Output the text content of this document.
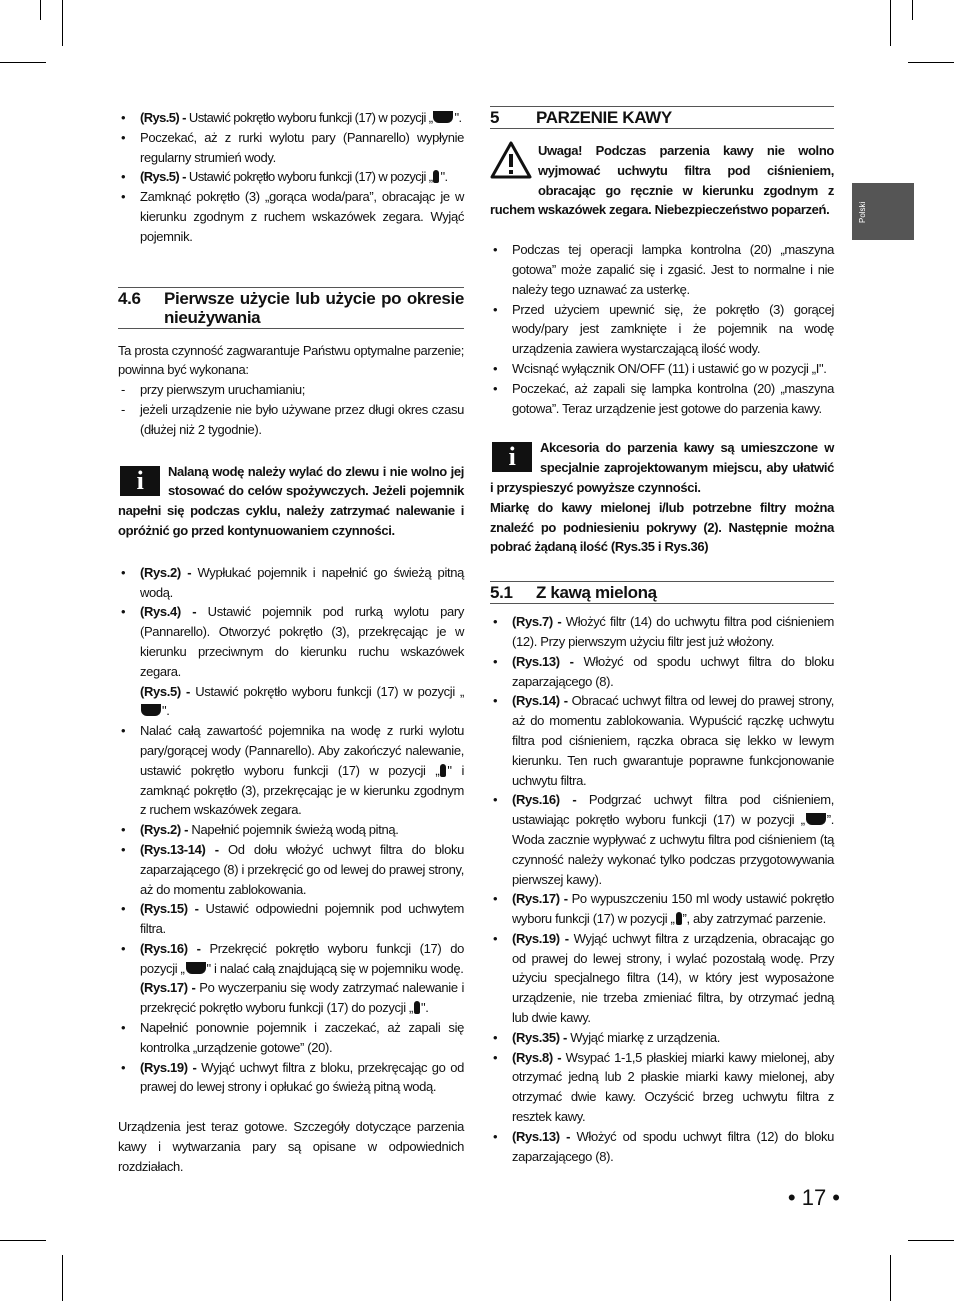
Polski
• (Rys.5) - Ustawić pokrętło wyboru funkcji (17) w pozycji „ ".
• Poczekać, aż z rurki wylotu pary (Pannarello) wypłynie regularny strumień wody.
• (Rys.5) - Ustawić pokrętło wyboru funkcji (17) w pozycji „ ".
• Zamknąć pokrętło (3) „gorąca woda/para”, obracając je w kierunku zgodnym z ruchem wskazówek zegara. Wyjąć pojemnik.
4.6	Pierwsze użycie lub użycie po okresie nieużywania
Ta prosta czynność zagwarantuje Państwu optymalne parzenie; powinna być wykonana:
- przy pierwszym uruchamianiu;
- jeżeli urządzenie nie było używane przez długi okres czasu (dłużej niż 2 tygodnie).
i	Nalaną wodę należy wylać do zlewu i nie wolno jej stosować do celów spożywczych. Jeżeli pojemnik napełni się podczas cyklu, należy zatrzymać nalewanie i opróżnić go przed kontynuowaniem czynności.
• (Rys.2) - Wypłukać pojemnik i napełnić go świeżą pitną wodą.
• (Rys.4) - Ustawić pojemnik pod rurką wylotu pary (Pannarello). Otworzyć pokrętło (3), przekręcając je w kierunku przeciwnym do kierunku ruchu wskazówek zegara.
(Rys.5) - Ustawić pokrętło wyboru funkcji (17) w pozycji „".
• Nalać całą zawartość pojemnika na wodę z rurki wylotu pary/gorącej wody (Pannarello). Aby zakończyć nalewanie, ustawić pokrętło wyboru funkcji (17) w pozycji „ " i zamknąć pokrętło (3), przekręcając je w kierunku zgodnym z ruchem wskazówek zegara.
• (Rys.2) - Napełnić pojemnik świeżą wodą pitną.
• (Rys.13-14) - Od dołu włożyć uchwyt filtra do bloku zaparzającego (8) i przekręcić go od lewej do prawej strony, aż do momentu zablokowania.
• (Rys.15) - Ustawić odpowiedni pojemnik pod uchwytem filtra.
• (Rys.16) - Przekręcić pokrętło wyboru funkcji (17) do pozycji „ " i nalać całą znajdującą się w pojemniku wodę.
(Rys.17) - Po wyczerpaniu się wody zatrzymać nalewanie i przekręcić pokrętło wyboru funkcji (17) do pozycji „ ".
• Napełnić ponownie pojemnik i zaczekać, aż zapali się kontrolka „urządzenie gotowe” (20).
• (Rys.19) - Wyjąć uchwyt filtra z bloku, przekręcając go od prawej do lewej strony i opłukać go świeżą pitną wodą.
Urządzenia jest teraz gotowe. Szczegóły dotyczące parzenia kawy i wytwarzania pary są opisane w odpowiednich rozdziałach.
5	PARZENIE KAWY
Uwaga! Podczas parzenia kawy nie wolno wyjmować uchwytu filtra pod ciśnieniem, obracając go ręcznie w kierunku zgodnym z ruchem wskazówek zegara. Niebezpieczeństwo poparzeń.
• Podczas tej operacji lampka kontrolna (20) „maszyna gotowa” może zapalić się i zgasić. Jest to normalne i nie należy tego uznawać za usterkę.
• Przed użyciem upewnić się, że pokrętło (3) gorącej wody/pary jest zamknięte i że pojemnik na wodę urządzenia zawiera wystarczającą ilość wody.
• Wcisnąć wyłącznik ON/OFF (11) i ustawić go w pozycji „I".
• Poczekać, aż zapali się lampka kontrolna (20) „maszyna gotowa”. Teraz urządzenie jest gotowe do parzenia kawy.
i	Akcesoria do parzenia kawy są umieszczone w specjalnie zaprojektowanym miejscu, aby ułatwić i przyspieszyć powyższe czynności.
Miarkę do kawy mielonej i/lub potrzebne filtry można znaleźć po podniesieniu pokrywy (2). Następnie można pobrać żądaną ilość (Rys.35 i Rys.36)
5.1	Z kawą mieloną
• (Rys.7) - Włożyć filtr (14) do uchwytu filtra pod ciśnieniem (12). Przy pierwszym użyciu filtr jest już włożony.
• (Rys.13) - Włożyć od spodu uchwyt filtra do bloku zaparzającego (8).
• (Rys.14) - Obracać uchwyt filtra od lewej do prawej strony, aż do momentu zablokowania. Wypuścić rączkę uchwytu filtra pod ciśnieniem, rączka obraca się lekko w lewym kierunku. Ten ruch gwarantuje poprawne funkcjonowanie uchwytu filtra.
• (Rys.16) - Podgrzać uchwyt filtra pod ciśnieniem, ustawiając pokrętło wyboru funkcji (17) w pozycji „ ”. Woda zacznie wypływać z uchwytu filtra pod ciśnieniem (tą czynność należy wykonać tylko podczas przygotowywania pierwszej kawy).
• (Rys.17) - Po wypuszczeniu 150 ml wody ustawić pokrętło wyboru funkcji (17) w pozycji „ ”, aby zatrzymać parzenie.
• (Rys.19) - Wyjąć uchwyt filtra z urządzenia, obracając go od prawej do lewej strony, i wylać pozostałą wodę. Przy użyciu specjalnego filtra (14), w który jest wyposażone urządzenie, nie trzeba zmieniać filtra, by otrzymać jedną lub dwie kawy.
• (Rys.35) - Wyjąć miarkę z urządzenia.
• (Rys.8) - Wsypać 1-1,5 płaskiej miarki kawy mielonej, aby otrzymać jedną lub 2 płaskie miarki kawy mielonej, aby otrzymać dwie kawy. Oczyścić brzeg uchwytu filtra z resztek kawy.
• (Rys.13) - Włożyć od spodu uchwyt filtra (12) do bloku zaparzającego (8).
• 17 •
